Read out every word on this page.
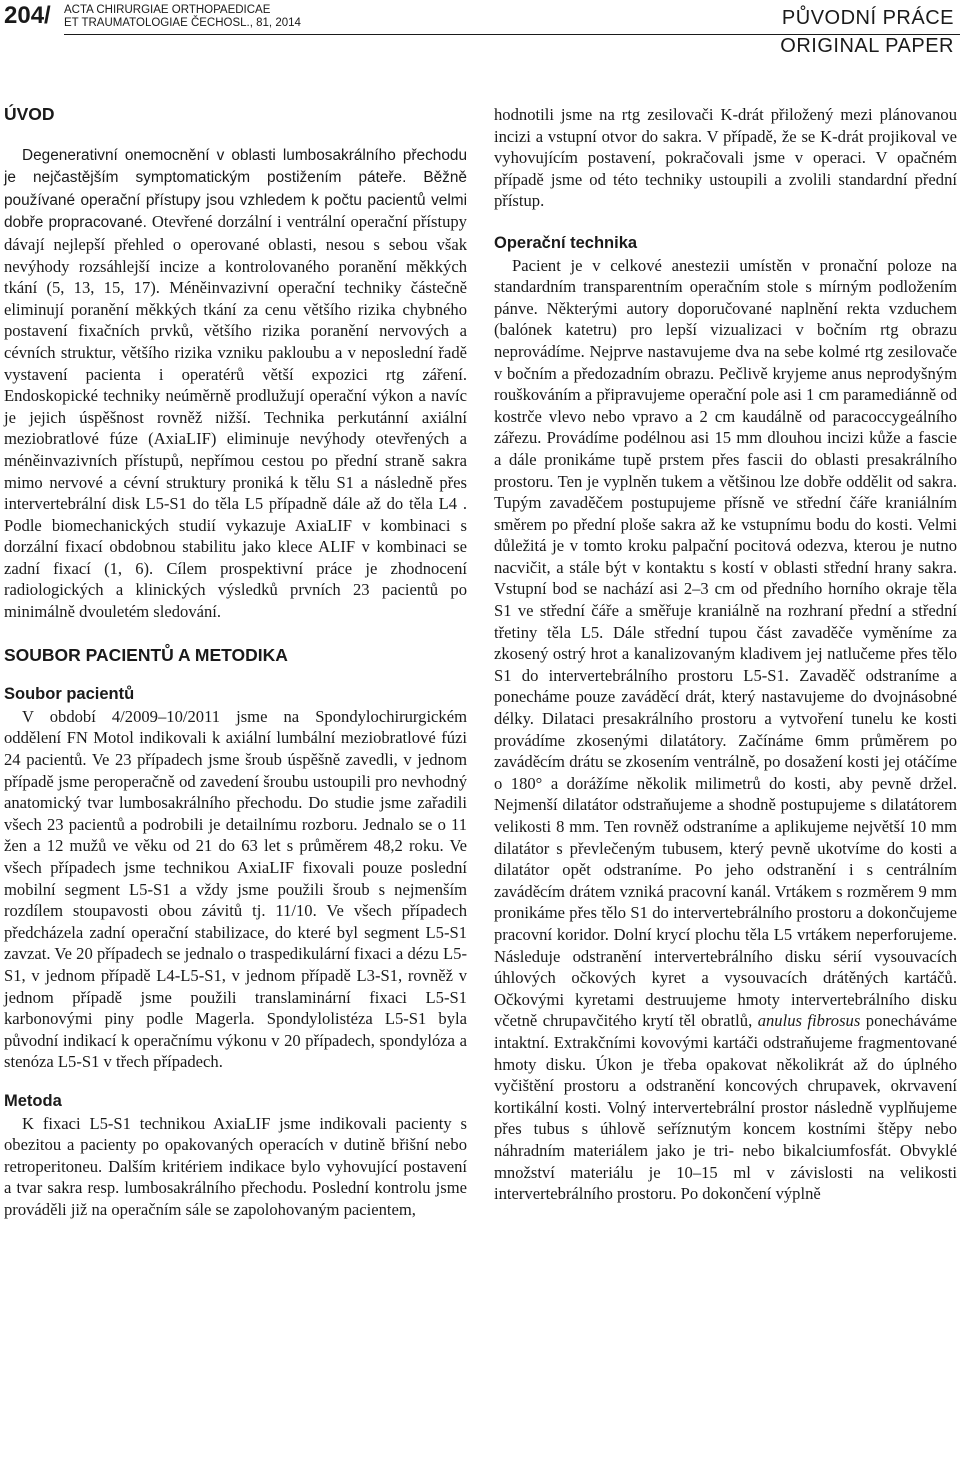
204/ ACTA CHIRURGIAE ORTHOPAEDICAE
ET TRAUMATOLOGIAE ČECHOSL., 81, 2014	PŮVODNÍ PRÁCE
ORIGINAL PAPER
ÚVOD

Degenerativní onemocnění v oblasti lumbosakrálního přechodu je nejčastějším symptomatickým postižením páteře. Běžně používané operační přístupy jsou vzhledem k počtu pacientů velmi dobře propracované. Otevřené dorzální i ventrální operační přístupy dávají nejlepší přehled o operované oblasti, nesou s sebou však nevýhody rozsáhlejší incize a kontrolovaného poranění měkkých tkání (5, 13, 15, 17). Méněinvazivní operační techniky částečně eliminují poranění měkkých tkání za cenu většího rizika chybného postavení fixačních prvků, většího rizika poranění nervových a cévních struktur, většího rizika vzniku pakloubu a v neposlední řadě vystavení pacienta i operatérů větší expozici rtg záření. Endoskopické techniky neúměrně prodlužují operační výkon a navíc je jejich úspěšnost rovněž nižší. Technika perkutánní axiální meziobratlové fúze (AxiaLIF) eliminuje nevýhody otevřených a méněinvazivních přístupů, nepřímou cestou po přední straně sakra mimo nervové a cévní struktury proniká k tělu S1 a následně přes intervertebrální disk L5-S1 do těla L5 případně dále až do těla L4 . Podle biomechanických studií vykazuje AxiaLIF v kombinaci s dorzální fixací obdobnou stabilitu jako klece ALIF v kombinaci se zadní fixací (1, 6). Cílem prospektivní práce je zhodnocení radiologických a klinických výsledků prvních 23 pacientů po minimálně dvouletém sledování.

SOUBOR PACIENTŮ A METODIKA
Soubor pacientů

V období 4/2009–10/2011 jsme na Spondylochirurgickém oddělení FN Motol indikovali k axiální lumbální meziobratlové fúzi 24 pacientů. Ve 23 případech jsme šroub úspěšně zavedli, v jednom případě jsme peroperačně od zavedení šroubu ustoupili pro nevhodný anatomický tvar lumbosakrálního přechodu. Do studie jsme zařadili všech 23 pacientů a podrobili je detailnímu rozboru. Jednalo se o 11 žen a 12 mužů ve věku od 21 do 63 let s průměrem 48,2 roku. Ve všech případech jsme technikou AxiaLIF fixovali pouze poslední mobilní segment L5-S1 a vždy jsme použili šroub s nejmenším rozdílem stoupavosti obou závitů tj. 11/10. Ve všech případech předcházela zadní operační stabilizace, do které byl segment L5-S1 zavzat. Ve 20 případech se jednalo o traspedikulární fixaci a dézu L5-S1, v jednom případě L4-L5-S1, v jednom případě L3-S1, rovněž v jednom případě jsme použili translaminární fixaci L5-S1 karbonovými piny podle Magerla. Spondylolistéza L5-S1 byla původní indikací k operačnímu výkonu v 20 případech, spondylóza a stenóza L5-S1 v třech případech.

Metoda

K fixaci L5-S1 technikou AxiaLIF jsme indikovali pacienty s obezitou a pacienty po opakovaných operacích v dutině břišní nebo retroperitoneu. Dalším kritériem indikace bylo vyhovující postavení a tvar sakra resp. lumbosakrálního přechodu. Poslední kontrolu jsme prováděli již na operačním sále se zapolohovaným pacientem,

hodnotili jsme na rtg zesilovači K-drát přiložený mezi plánovanou incizi a vstupní otvor do sakra. V případě, že se K-drát projikoval ve vyhovujícím postavení, pokračovali jsme v operaci. V opačném případě jsme od této techniky ustoupili a zvolili standardní přední přístup.

Operační technika

Pacient je v celkové anestezii umístěn v pronační poloze na standardním transparentním operačním stole s mírným podložením pánve. Některými autory doporučované naplnění rekta vzduchem (balónek katetru) pro lepší vizualizaci v bočním rtg obrazu neprovádíme. Nejprve nastavujeme dva na sebe kolmé rtg zesilovače v bočním a předozadním obrazu. Pečlivě kryjeme anus neprodyšným rouškováním a připravujeme operační pole asi 1 cm paramediánně od kostrče vlevo nebo vpravo a 2 cm kaudálně od paracoccygeálního zářezu. Provádíme podélnou asi 15 mm dlouhou incizi kůže a fascie a dále pronikáme tupě prstem přes fascii do oblasti presakrálního prostoru. Ten je vyplněn tukem a většinou lze dobře oddělit od sakra. Tupým zavaděčem postupujeme přísně ve střední čáře kraniálním směrem po přední ploše sakra až ke vstupnímu bodu do kosti. Velmi důležitá je v tomto kroku palpační pocitová odezva, kterou je nutno nacvičit, a stále být v kontaktu s kostí v oblasti střední hrany sakra. Vstupní bod se nachází asi 2–3 cm od předního horního okraje těla S1 ve střední čáře a směřuje kraniálně na rozhraní přední a střední třetiny těla L5. Dále střední tupou část zavaděče vyměníme za zkosený ostrý hrot a kanalizovaným kladivem jej natlučeme přes tělo S1 do intervertebrálního prostoru L5-S1. Zavaděč odstraníme a ponecháme pouze zaváděcí drát, který nastavujeme do dvojnásobné délky. Dilataci presakrálního prostoru a vytvoření tunelu ke kosti provádíme zkosenými dilatátory. Začínáme 6mm průměrem po zaváděcím drátu se zkosením ventrálně, po dosažení kosti jej otáčíme o 180° a dorážíme několik milimetrů do kosti, aby pevně držel. Nejmenší dilatátor odstraňujeme a shodně postupujeme s dilatátorem velikosti 8 mm. Ten rovněž odstraníme a aplikujeme největší 10 mm dilatátor s převlečeným tubusem, který pevně ukotvíme do kosti a dilatátor opět odstraníme. Po jeho odstranění i s centrálním zaváděcím drátem vzniká pracovní kanál. Vrtákem s rozměrem 9 mm pronikáme přes tělo S1 do intervertebrálního prostoru a dokončujeme pracovní koridor. Dolní krycí plochu těla L5 vrtákem neperforujeme. Následuje odstranění intervertebrálního disku sérií vysouvacích úhlových očkových kyret a vysouvacích drátěných kartáčů. Očkovými kyretami destruujeme hmoty intervertebrálního disku včetně chrupavčitého krytí těl obratlů, anulus fibrosus ponecháváme intaktní. Extrakčními kovovými kartáči odstraňujeme fragmentované hmoty disku. Úkon je třeba opakovat několikrát až do úplného vyčištění prostoru a odstranění koncových chrupavek, okrvavení kortikální kosti. Volný intervertebrální prostor následně vyplňujeme přes tubus s úhlově seříznutým koncem kostními štěpy nebo náhradním materiálem jako je tri- nebo bikalciumfosfát. Obvyklé množství materiálu je 10–15 ml v závislosti na velikosti intervertebrálního prostoru. Po dokončení výplně
